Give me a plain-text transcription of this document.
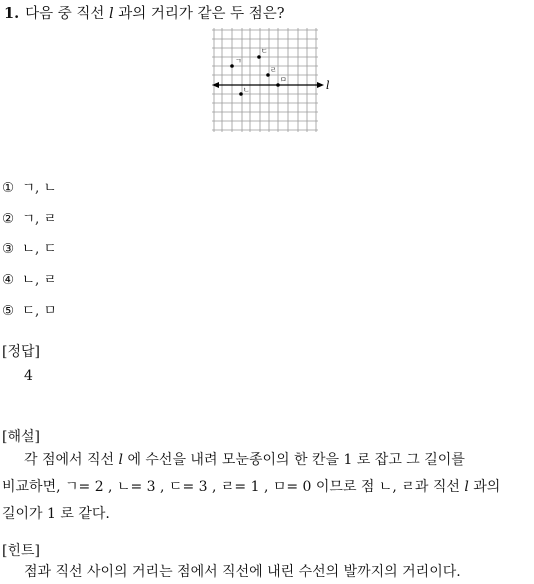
1. 다음 중 직선 l 과의 거리가 같은 두 점은?
l
ㄱ
ㄴ
ㄷ
ㄹ
ㅁ
① ㄱ, ㄴ
② ㄱ, ㄹ
③ ㄴ, ㄷ
④ ㄴ, ㄹ
⑤ ㄷ, ㅁ
[정답]
4
[해설]

각 점에서 직선 l 에 수선을 내려 모눈종이의 한 칸을 1 로 잡고 그 길이를

비교하면, ㄱ= 2 , ㄴ= 3 , ㄷ= 3 , ㄹ= 1 , ㅁ= 0 이므로 점 ㄴ, ㄹ과 직선 l 과의

길이가 1 로 같다.

[힌트]
점과 직선 사이의 거리는 점에서 직선에 내린 수선의 발까지의 거리이다.
